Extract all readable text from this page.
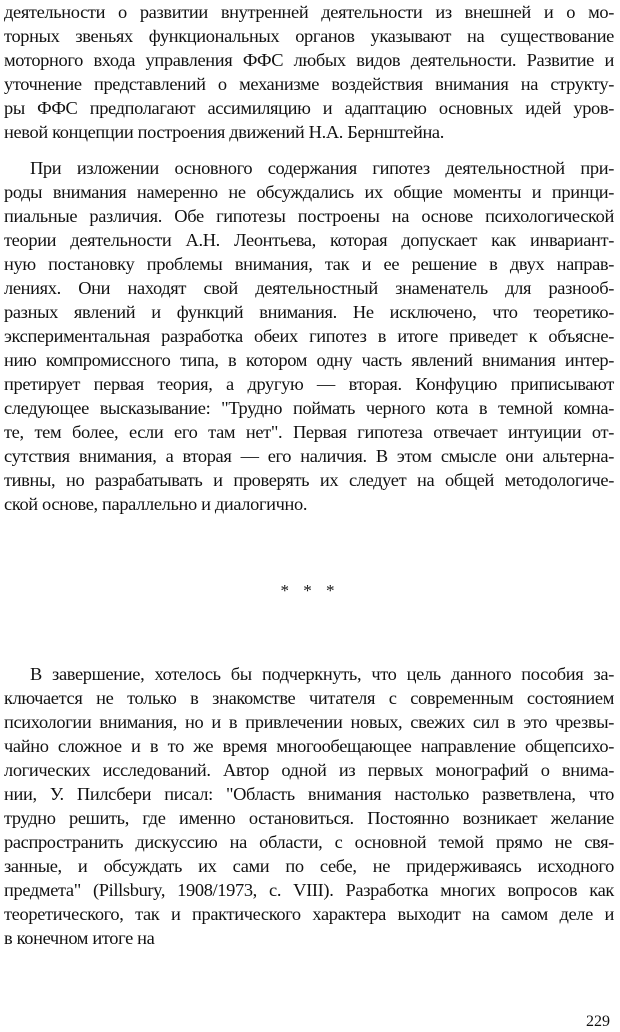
деятельности о развитии внутренней деятельности из внешней и о мо-
торных звеньях функциональных органов указывают на существование
моторного входа управления ФФС любых видов деятельности. Развитие и
уточнение представлений о механизме воздействия внимания на структу-
ры ФФС предполагают ассимиляцию и адаптацию основных идей уров-
невой концепции построения движений Н.А. Бернштейна.
При изложении основного содержания гипотез деятельностной при-
роды внимания намеренно не обсуждались их общие моменты и принци-
пиальные различия. Обе гипотезы построены на основе психологической
теории деятельности А.Н. Леонтьева, которая допускает как инвариант-
ную постановку проблемы внимания, так и ее решение в двух направ-
лениях. Они находят свой деятельностный знаменатель для разнооб-
разных явлений и функций внимания. Не исключено, что теоретико-
экспериментальная разработка обеих гипотез в итоге приведет к объясне-
нию компромиссного типа, в котором одну часть явлений внимания интер-
претирует первая теория, а другую — вторая. Конфуцию приписывают
следующее высказывание: "Трудно поймать черного кота в темной комна-
те, тем более, если его там нет". Первая гипотеза отвечает интуиции от-
сутствия внимания, а вторая — его наличия. В этом смысле они альтерна-
тивны, но разрабатывать и проверять их следует на общей методологиче-
ской основе, параллельно и диалогично.
* * *
В завершение, хотелось бы подчеркнуть, что цель данного пособия за-
ключается не только в знакомстве читателя с современным состоянием
психологии внимания, но и в привлечении новых, свежих сил в это чрезвы-
чайно сложное и в то же время многообещающее направление общепсихо-
логических исследований. Автор одной из первых монографий о внима-
нии, У. Пилсбери писал: "Область внимания настолько разветвлена, что
трудно решить, где именно остановиться. Постоянно возникает желание
распространить дискуссию на области, с основной темой прямо не свя-
занные, и обсуждать их сами по себе, не придерживаясь исходного
предмета" (Pillsbury, 1908/1973, с. VIII). Разработка многих вопросов как
теоретического, так и практического характера выходит на самом деле и
в конечном итоге на
229
